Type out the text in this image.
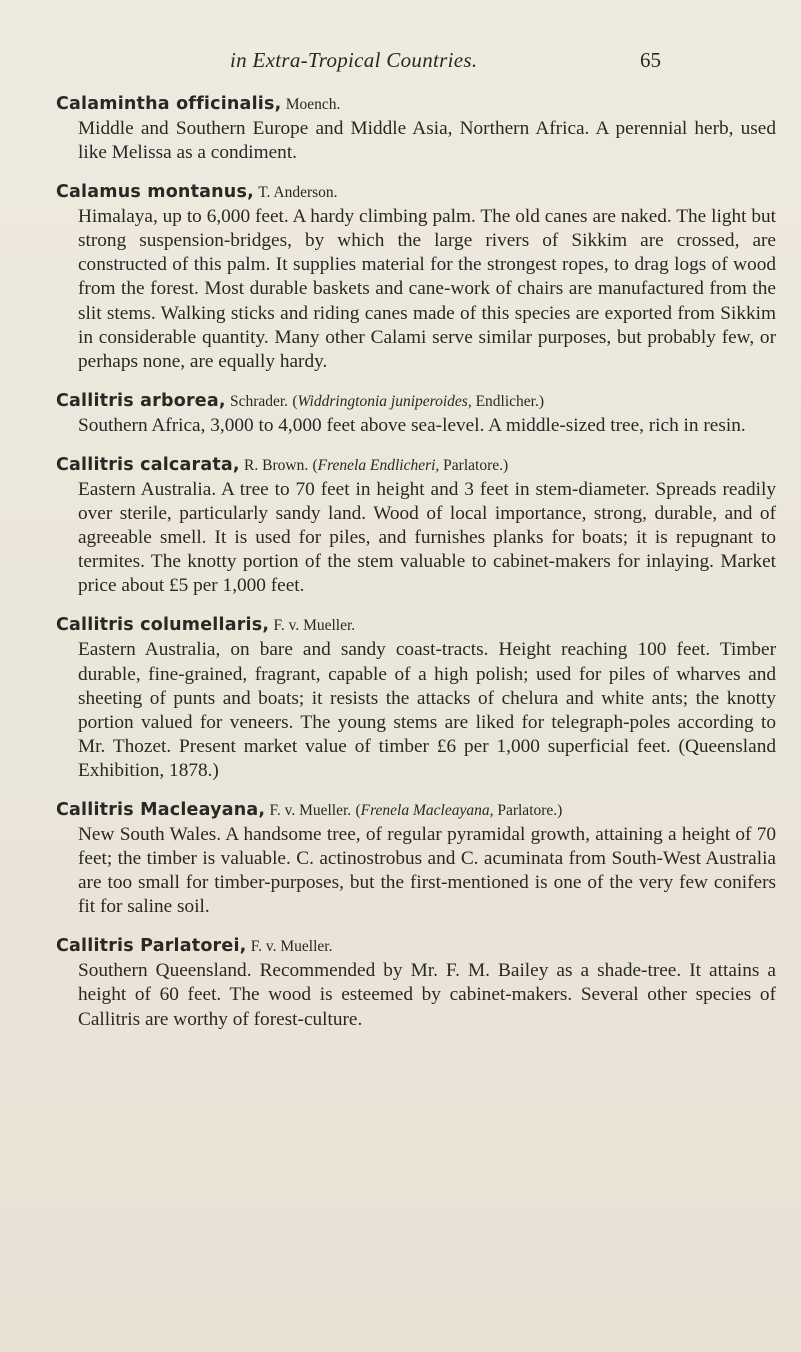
in Extra-Tropical Countries.	65

Calamintha officinalis, Moench.

Middle and Southern Europe and Middle Asia, Northern Africa. A perennial herb, used like Melissa as a condiment.

Calamus montanus, T. Anderson.

Himalaya, up to 6,000 feet. A hardy climbing palm. The old canes are naked. The light but strong suspension-bridges, by which the large rivers of Sikkim are crossed, are constructed of this palm. It supplies material for the strongest ropes, to drag logs of wood from the forest. Most durable baskets and cane-work of chairs are manufactured from the slit stems. Walking sticks and riding canes made of this species are exported from Sikkim in considerable quantity. Many other Calami serve similar purposes, but probably few, or perhaps none, are equally hardy.

Callitris arborea, Schrader. (Widdringtonia juniperoides, Endlicher.)

Southern Africa, 3,000 to 4,000 feet above sea-level. A middle-sized tree, rich in resin.

Callitris calcarata, R. Brown. (Frenela Endlicheri, Parlatore.)

Eastern Australia. A tree to 70 feet in height and 3 feet in stem-diameter. Spreads readily over sterile, particularly sandy land. Wood of local importance, strong, durable, and of agreeable smell. It is used for piles, and furnishes planks for boats; it is repugnant to termites. The knotty portion of the stem valuable to cabinet-makers for inlaying. Market price about £5 per 1,000 feet.

Callitris columellaris, F. v. Mueller.

Eastern Australia, on bare and sandy coast-tracts. Height reaching 100 feet. Timber durable, fine-grained, fragrant, capable of a high polish; used for piles of wharves and sheeting of punts and boats; it resists the attacks of chelura and white ants; the knotty portion valued for veneers. The young stems are liked for telegraph-poles according to Mr. Thozet. Present market value of timber £6 per 1,000 superficial feet. (Queensland Exhibition, 1878.)

Callitris Macleayana, F. v. Mueller. (Frenela Macleayana, Parlatore.)

New South Wales. A handsome tree, of regular pyramidal growth, attaining a height of 70 feet; the timber is valuable. C. actinostrobus and C. acuminata from South-West Australia are too small for timber-purposes, but the first-mentioned is one of the very few conifers fit for saline soil.

Callitris Parlatorei, F. v. Mueller.

Southern Queensland. Recommended by Mr. F. M. Bailey as a shade-tree. It attains a height of 60 feet. The wood is esteemed by cabinet-makers. Several other species of Callitris are worthy of forest-culture.
